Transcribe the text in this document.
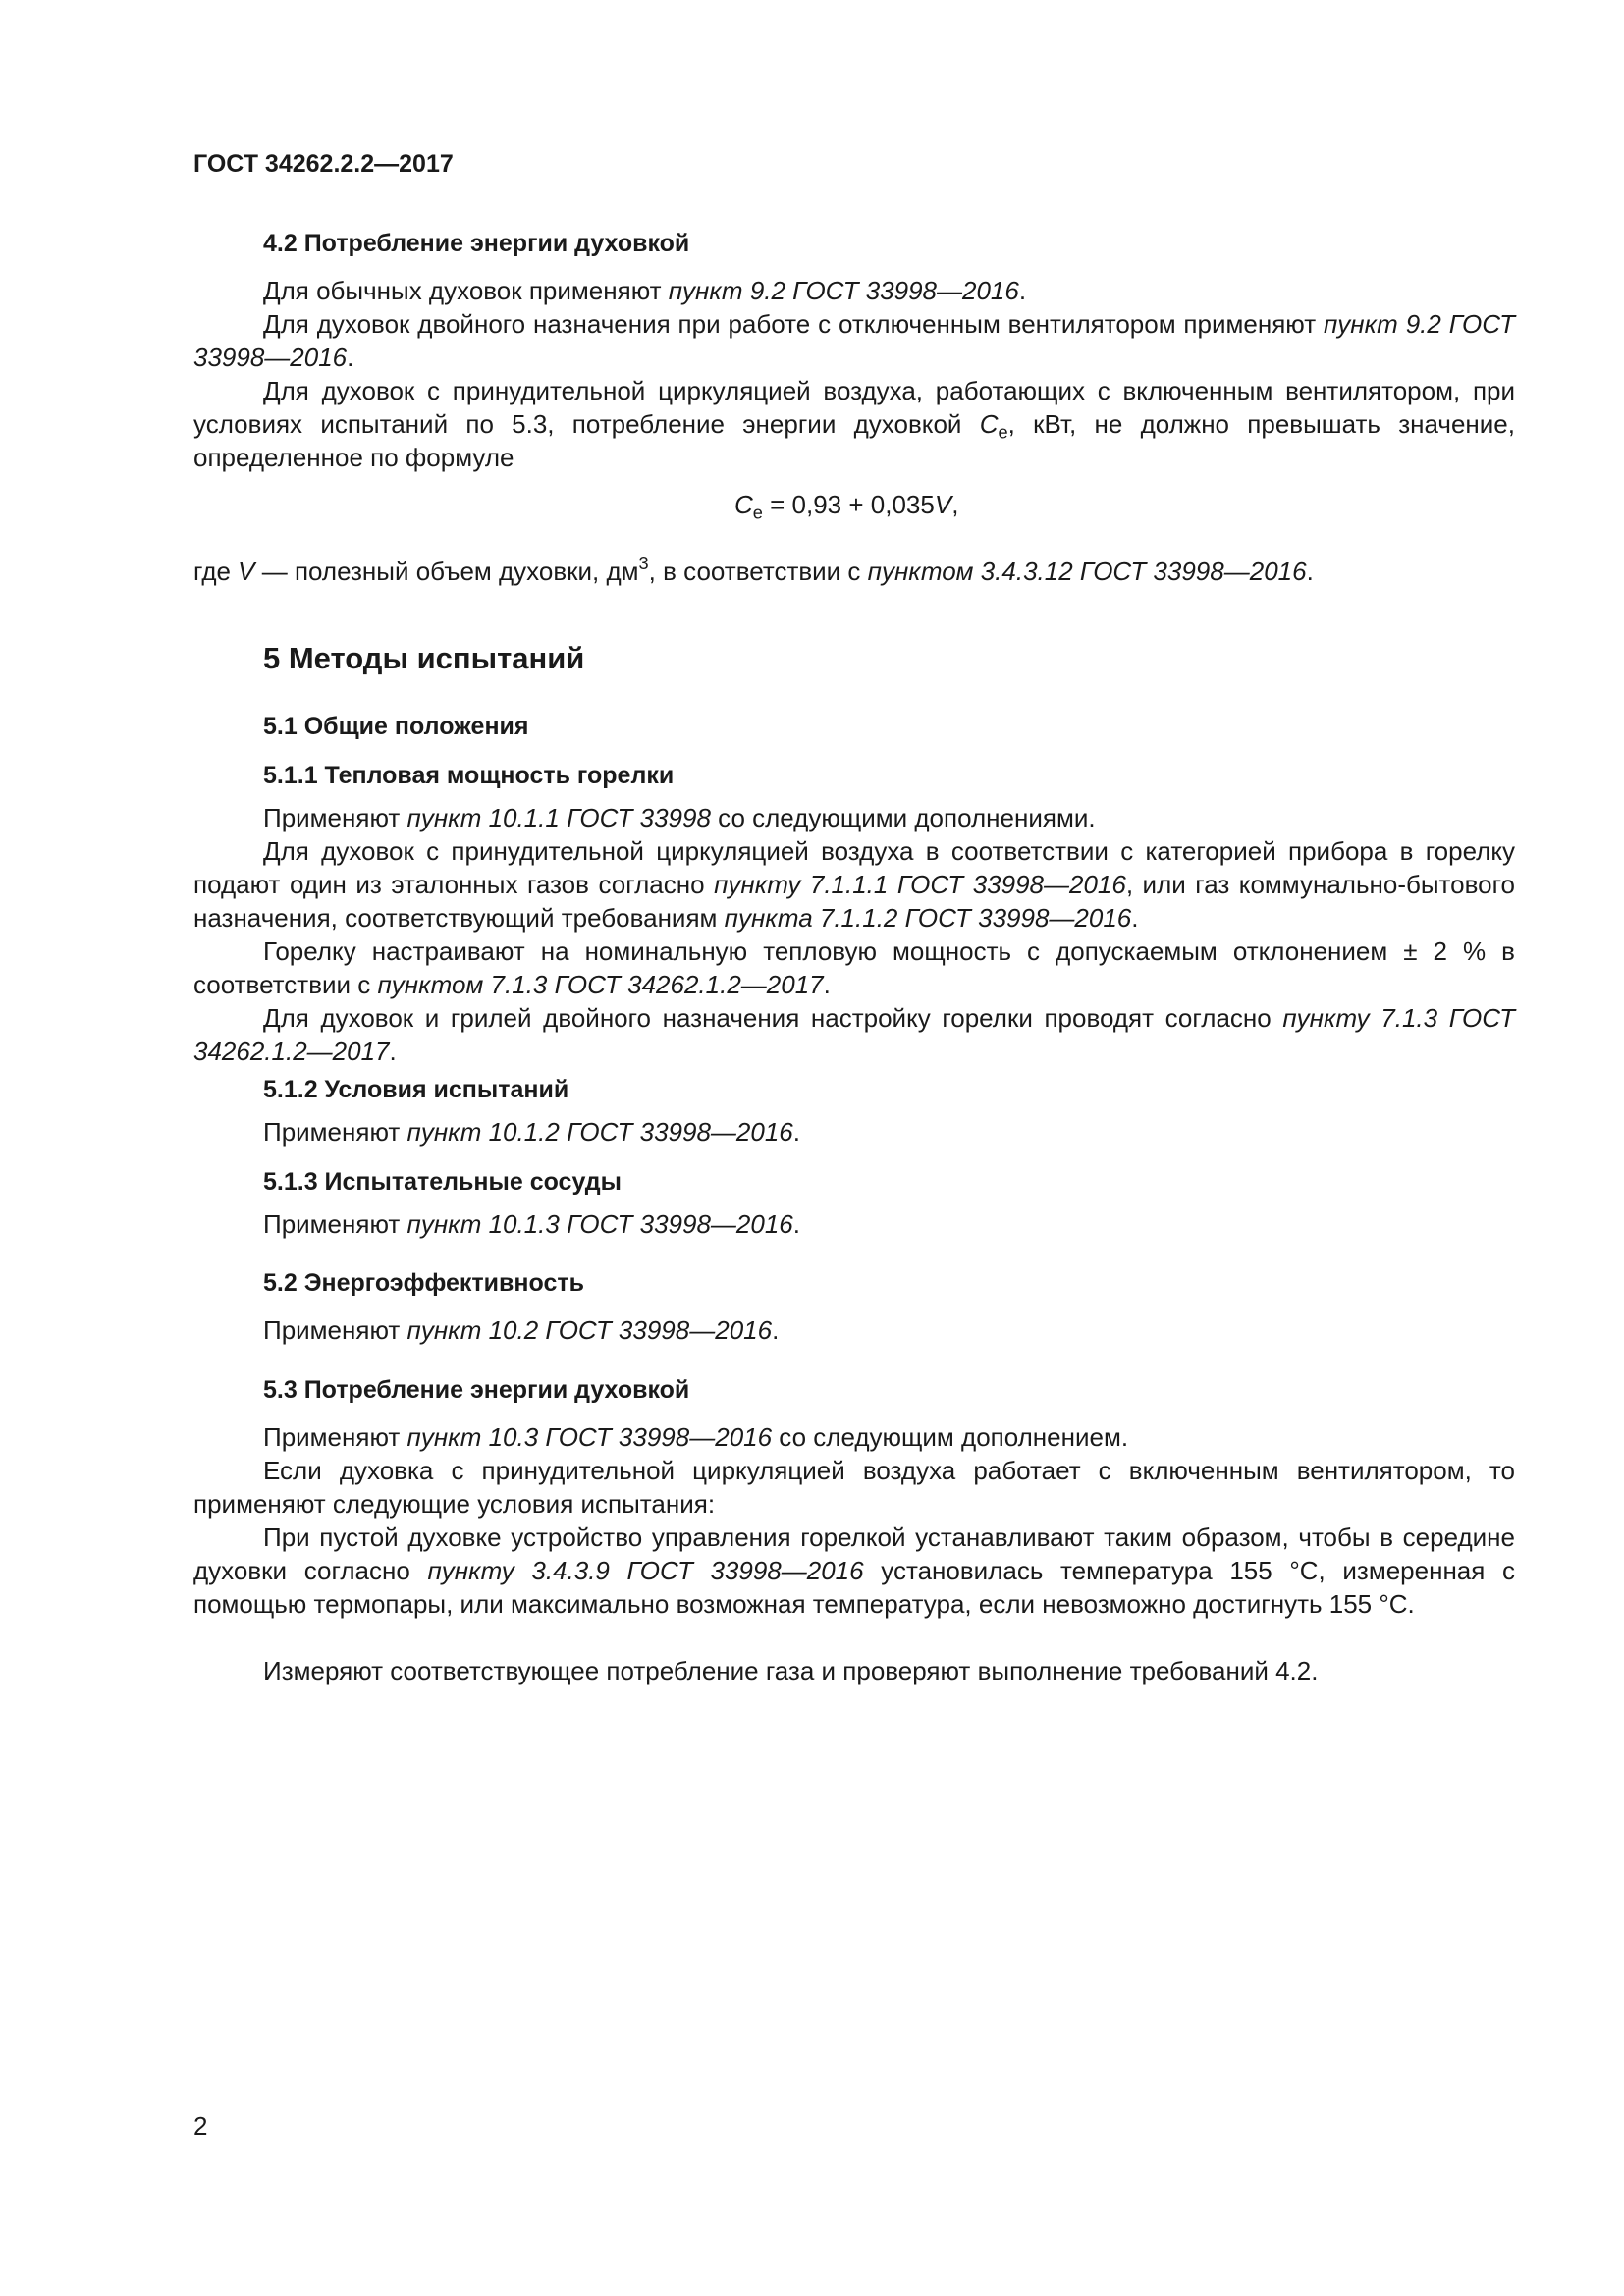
ГОСТ 34262.2.2—2017
4.2 Потребление энергии духовкой
Для обычных духовок применяют пункт 9.2 ГОСТ 33998—2016.
Для духовок двойного назначения при работе с отключенным вентилятором применяют пункт 9.2 ГОСТ 33998—2016.
Для духовок с принудительной циркуляцией воздуха, работающих с включенным вентилятором, при условиях испытаний по 5.3, потребление энергии духовкой $C_e$, кВт, не должно превышать значение, определенное по формуле
$C_e = 0,93 + 0,035V$,
где V — полезный объем духовки, $дм^3$, в соответствии с пунктом 3.4.3.12 ГОСТ 33998—2016.
5 Методы испытаний
5.1 Общие положения
5.1.1 Тепловая мощность горелки
Применяют пункт 10.1.1 ГОСТ 33998 со следующими дополнениями.
Для духовок с принудительной циркуляцией воздуха в соответствии с категорией прибора в горелку подают один из эталонных газов согласно пункту 7.1.1.1 ГОСТ 33998—2016, или газ коммунально-бытового назначения, соответствующий требованиям пункта 7.1.1.2 ГОСТ 33998—2016.
Горелку настраивают на номинальную тепловую мощность с допускаемым отклонением ± 2 % в соответствии с пунктом 7.1.3 ГОСТ 34262.1.2—2017.
Для духовок и грилей двойного назначения настройку горелки проводят согласно пункту 7.1.3 ГОСТ 34262.1.2—2017.
5.1.2 Условия испытаний
Применяют пункт 10.1.2 ГОСТ 33998—2016.
5.1.3 Испытательные сосуды
Применяют пункт 10.1.3 ГОСТ 33998—2016.
5.2 Энергоэффективность
Применяют пункт 10.2 ГОСТ 33998—2016.
5.3 Потребление энергии духовкой
Применяют пункт 10.3 ГОСТ 33998—2016 со следующим дополнением.
Если духовка с принудительной циркуляцией воздуха работает с включенным вентилятором, то применяют следующие условия испытания:
При пустой духовке устройство управления горелкой устанавливают таким образом, чтобы в середине духовки согласно пункту 3.4.3.9 ГОСТ 33998—2016 установилась температура 155 °С, измеренная с помощью термопары, или максимально возможная температура, если невозможно достигнуть 155 °С.
Измеряют соответствующее потребление газа и проверяют выполнение требований 4.2.
2
